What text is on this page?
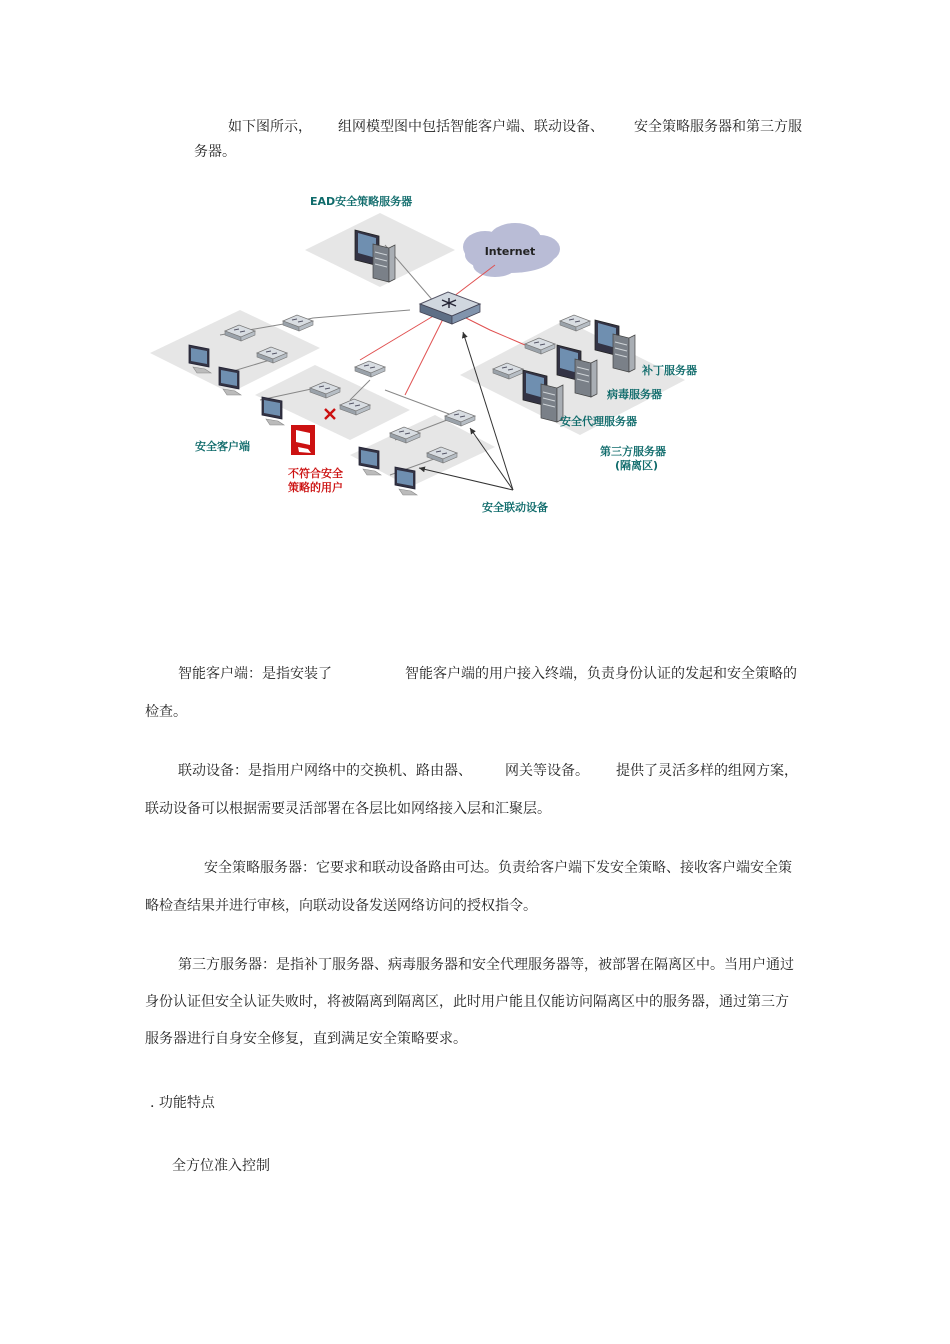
如下图所示， 组网模型图中包括智能客户端、联动设备、 安全策略服务器和第三方服
务器。
Internet
EAD安全策略服务器
补丁服务器
病毒服务器
安全代理服务器
第三方服务器
(隔离区)
安全客户端
不符合安全
策略的用户
安全联动设备
智能客户端：是指安装了	智能客户端的用户接入终端，负责身份认证的发起和安全策略的
检查。
联动设备：是指用户网络中的交换机、路由器、 网关等设备。 提供了灵活多样的组网方案，
联动设备可以根据需要灵活部署在各层比如网络接入层和汇聚层。
安全策略服务器：它要求和联动设备路由可达。负责给客户端下发安全策略、接收客户端安全策
略检查结果并进行审核，向联动设备发送网络访问的授权指令。
第三方服务器：是指补丁服务器、病毒服务器和安全代理服务器等，被部署在隔离区中。当用户通过
身份认证但安全认证失败时，将被隔离到隔离区，此时用户能且仅能访问隔离区中的服务器，通过第三方
服务器进行自身安全修复，直到满足安全策略要求。
. 功能特点
全方位准入控制
